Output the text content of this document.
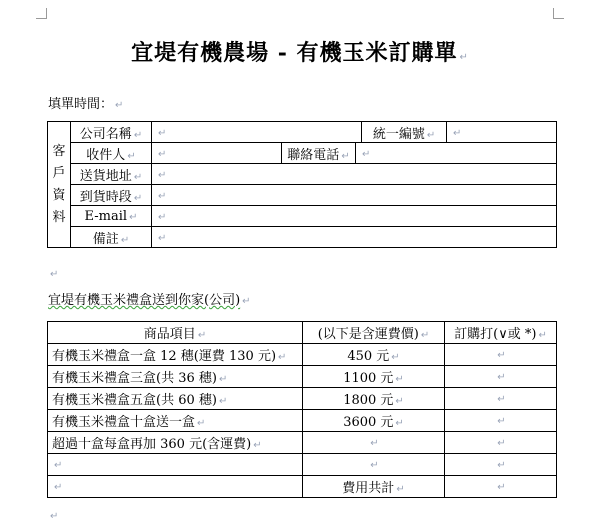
宜堤有機農場 - 有機玉米訂購單 ↵
填單時間： ↵
客
戶
資
料	公司名稱 ↵	↵			統一編號 ↵	↵
	收件人 ↵	↵	聯絡電話 ↵	↵		
	送貨地址 ↵	↵				
	到貨時段 ↵	↵				
	E-mail ↵	↵				
	備註 ↵	↵				
↵
宜堤有機玉米禮盒送到你家(公司) ↵
商品項目 ↵	(以下是含運費價) ↵	訂購打(∨或 *) ↵
有機玉米禮盒一盒 12 穗(運費 130 元) ↵	450 元 ↵	↵
有機玉米禮盒三盒(共 36 穗) ↵	1100 元 ↵	↵
有機玉米禮盒五盒(共 60 穗) ↵	1800 元 ↵	↵
有機玉米禮盒十盒送一盒 ↵	3600 元 ↵	↵
超過十盒每盒再加 360 元(含運費) ↵	↵	↵
↵	↵	↵
↵	費用共計 ↵	↵
↵
